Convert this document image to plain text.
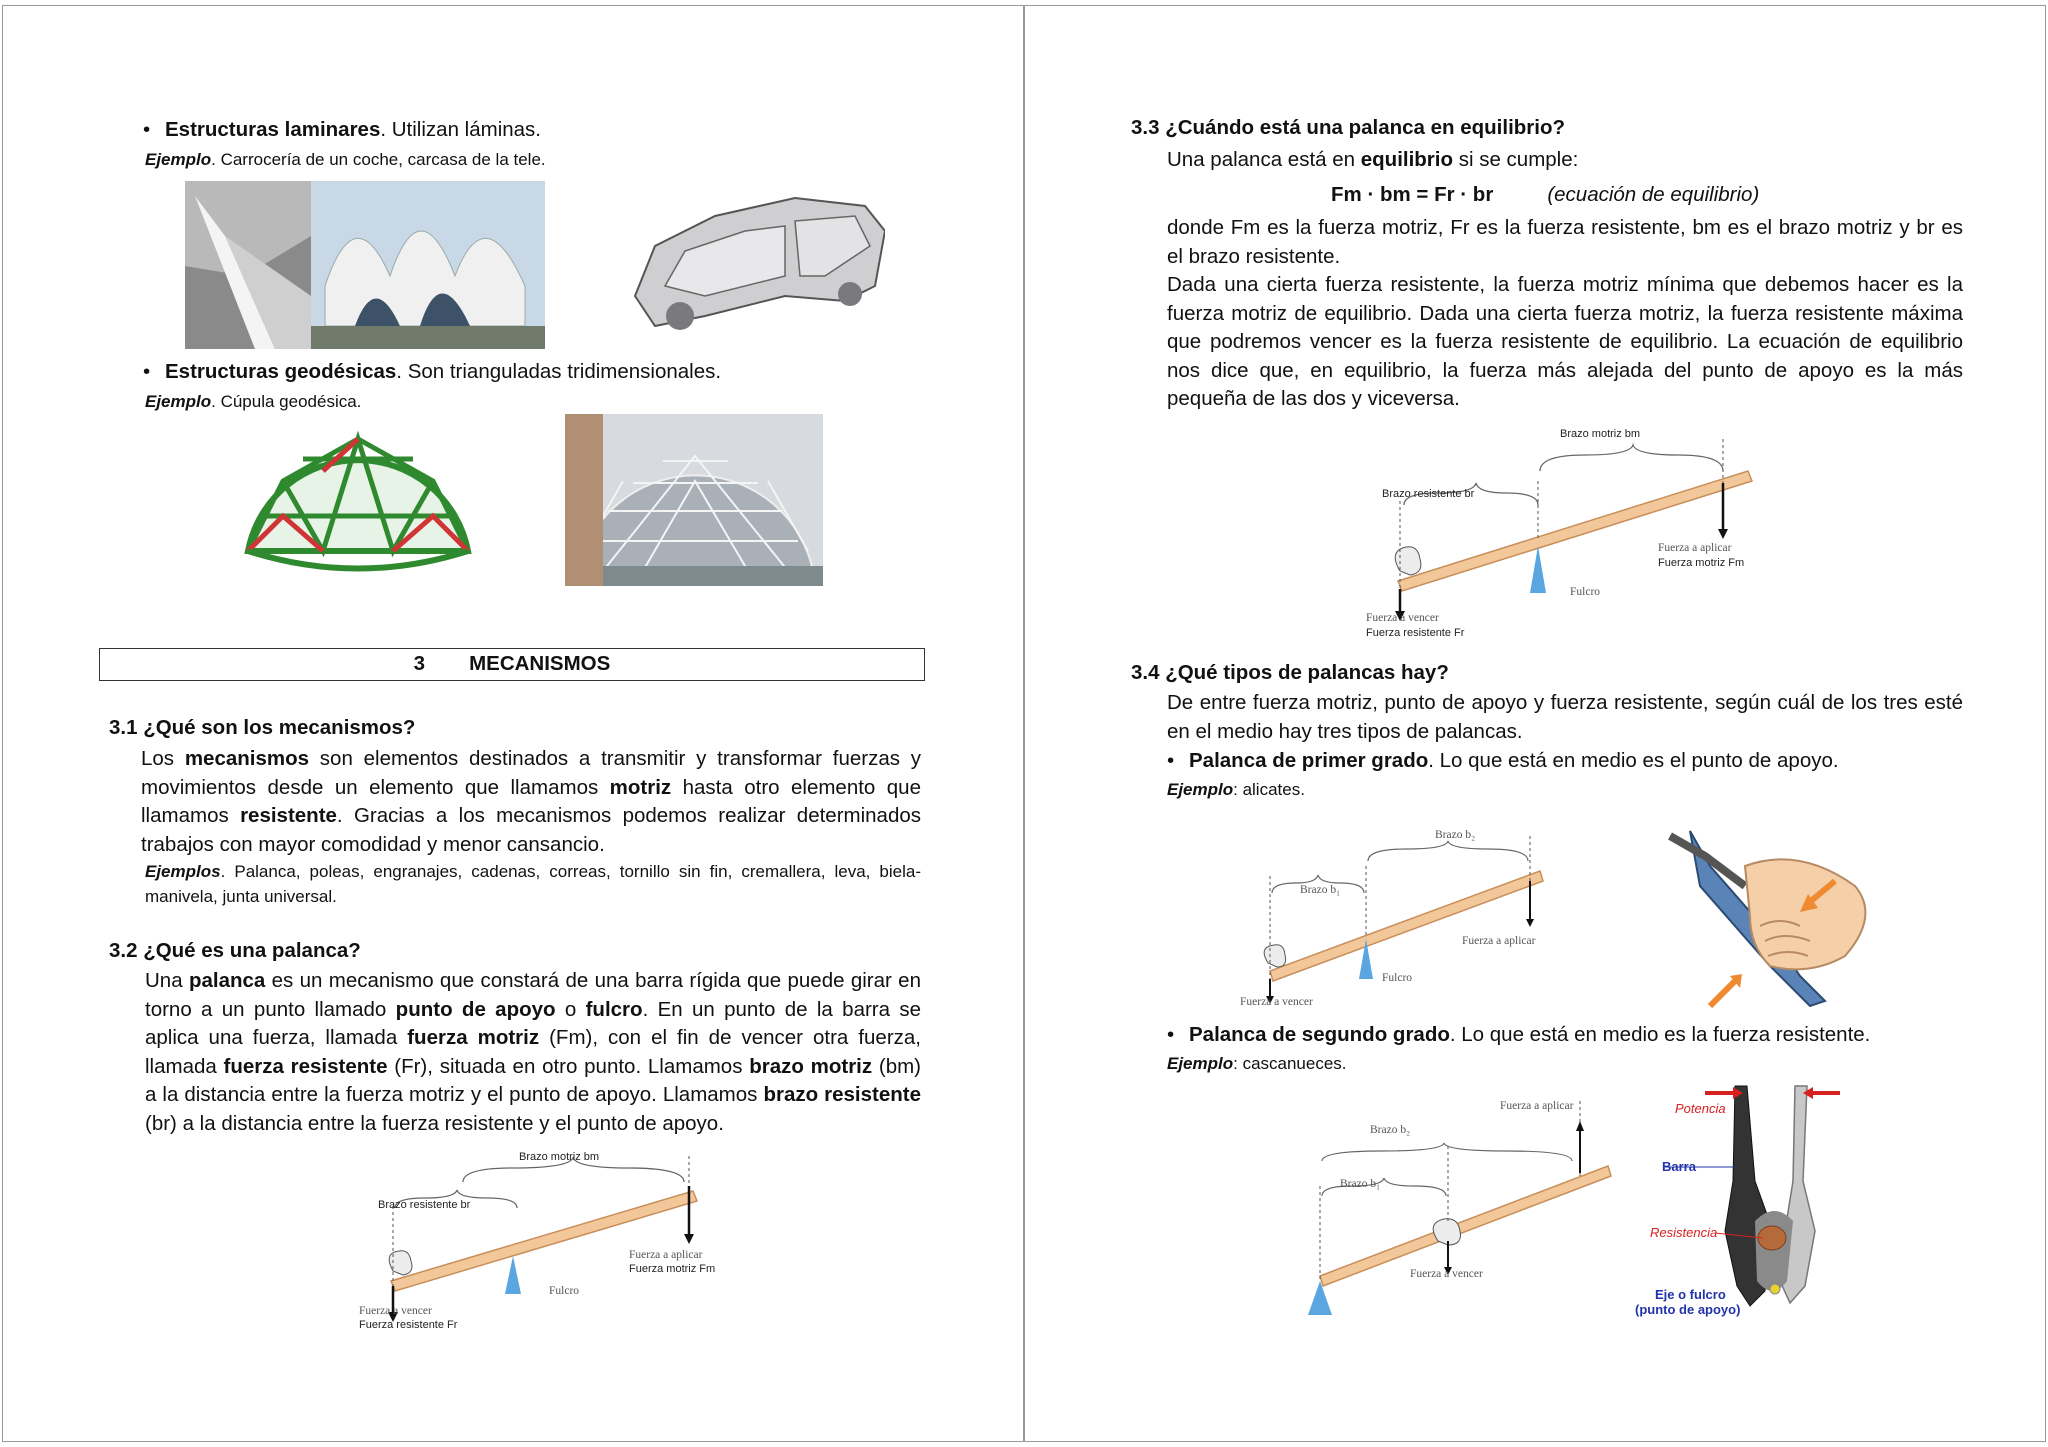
• Estructuras laminares. Utilizan láminas.
Ejemplo. Carrocería de un coche, carcasa de la tele.
• Estructuras geodésicas. Son trianguladas tridimensionales.
Ejemplo. Cúpula geodésica.
3 MECANISMOS
3.1 ¿Qué son los mecanismos?
Los mecanismos son elementos destinados a transmitir y transformar fuerzas y movimientos desde un elemento que llamamos motriz hasta otro elemento que llamamos resistente. Gracias a los mecanismos podemos realizar determinados trabajos con mayor comodidad y menor cansancio.
Ejemplos. Palanca, poleas, engranajes, cadenas, correas, tornillo sin fin, cremallera, leva, biela-manivela, junta universal.
3.2 ¿Qué es una palanca?
Una palanca es un mecanismo que constará de una barra rígida que puede girar en torno a un punto llamado punto de apoyo o fulcro. En un punto de la barra se aplica una fuerza, llamada fuerza motriz (Fm), con el fin de vencer otra fuerza, llamada fuerza resistente (Fr), situada en otro punto. Llamamos brazo motriz (bm) a la distancia entre la fuerza motriz y el punto de apoyo. Llamamos brazo resistente (br) a la distancia entre la fuerza resistente y el punto de apoyo.
Brazo motriz bm
Brazo resistente br
Fuerza a aplicar
Fuerza motriz Fm
Fulcro
Fuerza a vencer
Fuerza resistente Fr
3.3 ¿Cuándo está una palanca en equilibrio?
Una palanca está en equilibrio si se cumple:
Fm · bm = Fr · br	(ecuación de equilibrio)
donde Fm es la fuerza motriz, Fr es la fuerza resistente, bm es el brazo motriz y br es el brazo resistente.
Dada una cierta fuerza resistente, la fuerza motriz mínima que debemos hacer es la fuerza motriz de equilibrio. Dada una cierta fuerza motriz, la fuerza resistente máxima que podremos vencer es la fuerza resistente de equilibrio. La ecuación de equilibrio nos dice que, en equilibrio, la fuerza más alejada del punto de apoyo es la más pequeña de las dos y viceversa.
Brazo motriz bm
Brazo resistente br
Fuerza a aplicar
Fuerza motriz Fm
Fulcro
Fuerza a vencer
Fuerza resistente Fr
3.4 ¿Qué tipos de palancas hay?
De entre fuerza motriz, punto de apoyo y fuerza resistente, según cuál de los tres esté en el medio hay tres tipos de palancas.
• Palanca de primer grado. Lo que está en medio es el punto de apoyo.
Ejemplo: alicates.
Brazo b₂
Brazo b₁
Fuerza a aplicar
Fulcro
Fuerza a vencer
• Palanca de segundo grado. Lo que está en medio es la fuerza resistente.
Ejemplo: cascanueces.
Fuerza a aplicar
Brazo b₂
Brazo b₁
Fuerza a vencer
Potencia
Barra
Resistencia
Eje o fulcro
(punto de apoyo)
